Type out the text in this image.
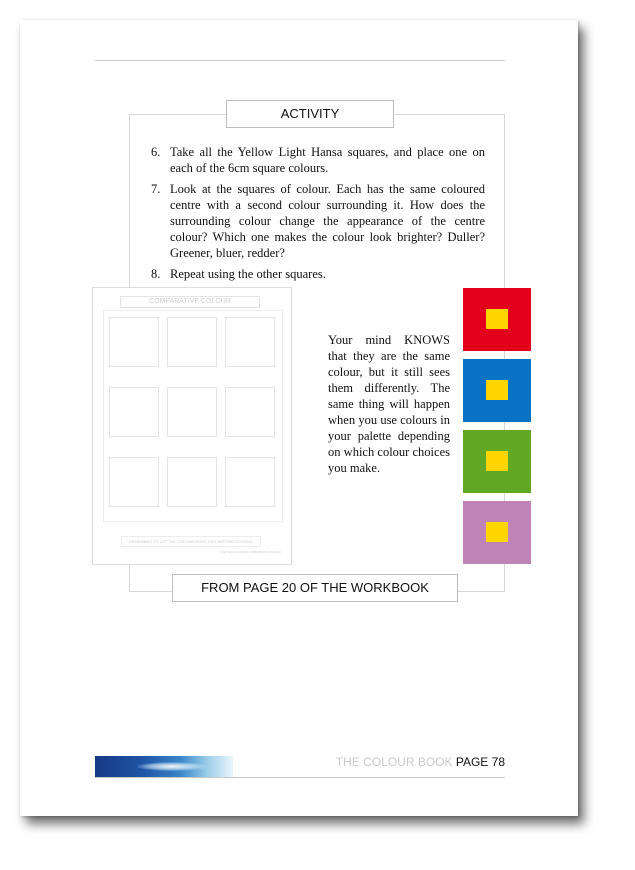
ACTIVITY
6. Take all the Yellow Light Hansa squares, and place one on each of the 6cm square colours.
7. Look at the squares of colour. Each has the same coloured centre with a second colour surrounding it. How does the surrounding colour change the appearance of the centre colour? Which one makes the colour look brighter? Duller? Greener, bluer, redder?
8. Repeat using the other squares.
COMPARATIVE COLOUR
REMEMBER TO LET THE COLOUR BOOK DRY BEFORE CLOSING
THE COLOUR BOOK WORKBOOK PAGE 20

Your mind KNOWS that they are the same colour, but it still sees them differently. The same thing will happen when you use colours in your palette depending on which colour choices you make.

FROM PAGE 20 OF THE WORKBOOK
THE COLOUR BOOK PAGE 78
